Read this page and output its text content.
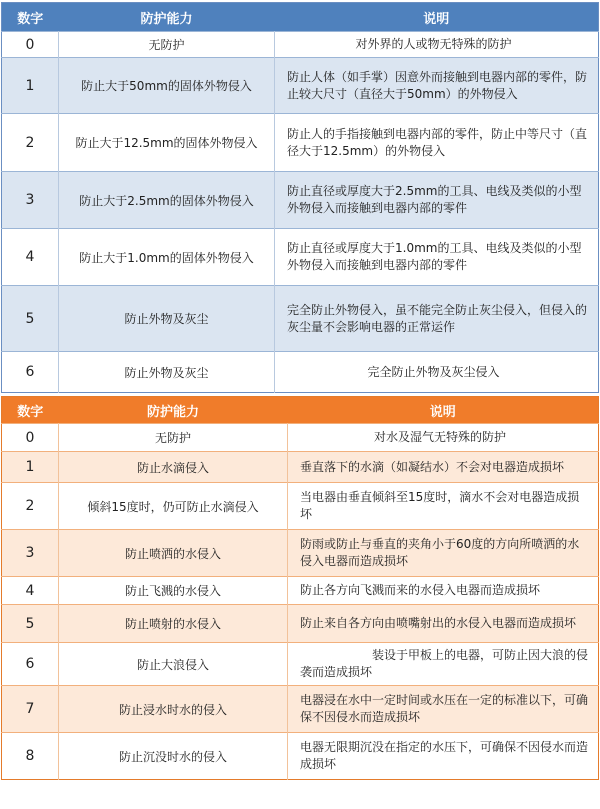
数字	防护能力	说明
0	无防护	对外界的人或物无特殊的防护
1	防止大于50mm的固体外物侵入	防止人体（如手掌）因意外而接触到电器内部的零件，防止较大尺寸（直径大于50mm）的外物侵入
2	防止大于12.5mm的固体外物侵入	防止人的手指接触到电器内部的零件，防止中等尺寸（直径大于12.5mm）的外物侵入
3	防止大于2.5mm的固体外物侵入	防止直径或厚度大于2.5mm的工具、电线及类似的小型外物侵入而接触到电器内部的零件
4	防止大于1.0mm的固体外物侵入	防止直径或厚度大于1.0mm的工具、电线及类似的小型外物侵入而接触到电器内部的零件
5	防止外物及灰尘	完全防止外物侵入，虽不能完全防止灰尘侵入，但侵入的灰尘量不会影响电器的正常运作
6	防止外物及灰尘	完全防止外物及灰尘侵入
数字	防护能力	说明
0	无防护	对水及湿气无特殊的防护
1	防止水滴侵入	垂直落下的水滴（如凝结水）不会对电器造成损坏
2	倾斜15度时，仍可防止水滴侵入	当电器由垂直倾斜至15度时，滴水不会对电器造成损坏
3	防止喷洒的水侵入	防雨或防止与垂直的夹角小于60度的方向所喷洒的水侵入电器而造成损坏
4	防止飞溅的水侵入	防止各方向飞溅而来的水侵入电器而造成损坏
5	防止喷射的水侵入	防止来自各方向由喷嘴射出的水侵入电器而造成损坏
6	防止大浪侵入	装设于甲板上的电器，可防止因大浪的侵袭而造成损坏
7	防止浸水时水的侵入	电器浸在水中一定时间或水压在一定的标准以下，可确保不因侵水而造成损坏
8	防止沉没时水的侵入	电器无限期沉没在指定的水压下，可确保不因侵水而造成损坏
